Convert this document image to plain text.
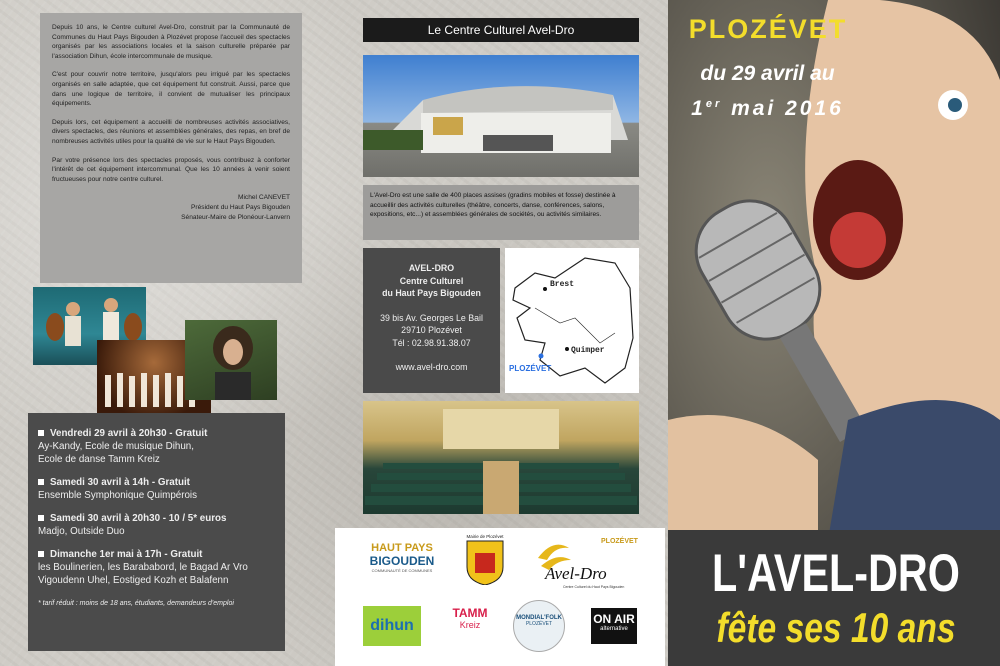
Depuis 10 ans, le Centre culturel Avel-Dro, construit par la Communauté de Communes du Haut Pays Bigouden à Plozévet propose l'accueil des spectacles organisés par les associations locales et la saison culturelle préparée par l'association Dihun, école intercommunale de musique.

C'est pour couvrir notre territoire, jusqu'alors peu irrigué par les spectacles organisés en salle adaptée, que cet équipement fut construit. Aussi, parce que dans une logique de territoire, il convient de mutualiser les principaux équipements.

Depuis lors, cet équipement a accueilli de nombreuses activités associatives, divers spectacles, des réunions et assemblées générales, des repas, en bref de nombreuses activités utiles pour la qualité de vie sur le Haut Pays Bigouden.

Par votre présence lors des spectacles proposés, vous contribuez à conforter l'intérêt de cet équipement intercommunal. Que les 10 années à venir soient fructueuses pour notre centre culturel.

Michel CANEVET
Président du Haut Pays Bigouden
Sénateur-Maire de Plonéour-Lanvern
Vendredi 29 avril à 20h30 - Gratuit
Ay-Kandy, Ecole de musique Dihun,
Ecole de danse Tamm Kreiz
Samedi 30 avril à 14h - Gratuit
Ensemble Symphonique Quimpérois
Samedi 30 avril à 20h30 - 10 / 5* euros
Madjo, Outside Duo
Dimanche 1er mai à 17h - Gratuit
les Boulinerien, les Barababord, le Bagad Ar Vro
Vigoudenn Uhel, Eostiged Kozh et Balafenn
* tarif réduit : moins de 18 ans, étudiants, demandeurs d'emploi
Le Centre Culturel Avel-Dro
L'Avel-Dro est une salle de 400 places assises (gradins mobiles et fosse) destinée à accueillir des activités culturelles (théâtre, concerts, danse, conférences, salons, expositions, etc...) et assemblées générales de sociétés, ou activités similaires.
AVEL-DRO
Centre Culturel
du Haut Pays Bigouden
39 bis Av. Georges Le Bail
29710 Plozévet
Tél : 02.98.91.38.07
www.avel-dro.com
Brest
Quimper
PLOZÉVET
HAUT PAYS
BIGOUDEN
COMMUNAUTÉ DE COMMUNES
Mairie de Plozévet
PLOZÉVET
Avel-Dro
Centre Culturel du Haut Pays Bigouden
dihun
TAMM
Kreiz
MONDIAL'FOLK
PLOZÉVET	ON AIR
alternative
PLOZÉVET
du 29 avril au
1er mai 2016
L'AVEL-DRO
fête ses 10 ans
